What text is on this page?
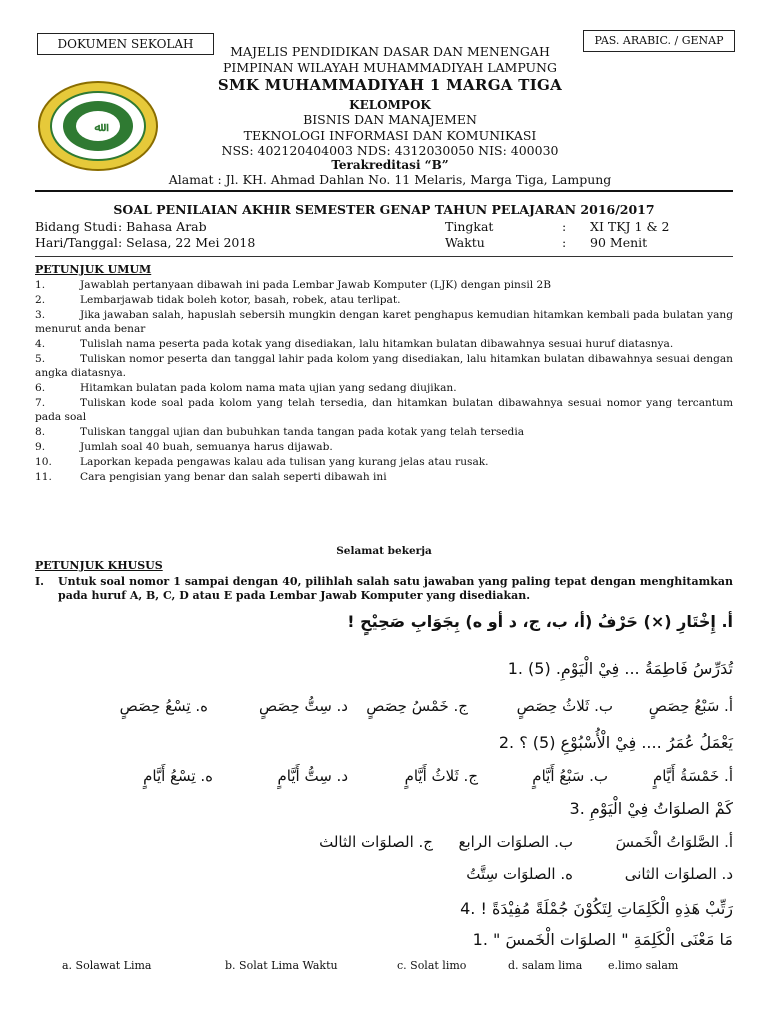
DOKUMEN SEKOLAH	PAS. ARABIC. / GENAP
ﷲ
MAJELIS PENDIDIKAN DASAR DAN MENENGAH
PIMPINAN WILAYAH MUHAMMADIYAH LAMPUNG
SMK MUHAMMADIYAH 1 MARGA TIGA
KELOMPOK
BISNIS DAN MANAJEMEN
TEKNOLOGI INFORMASI DAN KOMUNIKASI
NSS: 402120404003 NDS: 4312030050 NIS: 400030
Terakreditasi “B”
Alamat : Jl. KH. Ahmad Dahlan No. 11 Melaris, Marga Tiga, Lampung
SOAL PENILAIAN AKHIR SEMESTER GENAP TAHUN PELAJARAN 2016/2017
Bidang Studi : Bahasa Arab
Hari/Tanggal : Selasa, 22 Mei 2018
Tingkat	:      XI TKJ 1 & 2
Waktu	:      90 Menit
PETUNJUK UMUM
1.	Jawablah pertanyaan dibawah ini pada Lembar Jawab Komputer (LJK) dengan pinsil 2B
2.	Lembarjawab tidak boleh kotor, basah, robek, atau terlipat.
3.	Jika jawaban salah, hapuslah sebersih mungkin dengan karet penghapus kemudian hitamkan kembali pada bulatan yang menurut anda benar
4.	Tulislah nama peserta pada kotak yang disediakan, lalu hitamkan bulatan dibawahnya sesuai huruf diatasnya.
5.	Tuliskan nomor peserta dan tanggal lahir pada kolom yang disediakan, lalu hitamkan bulatan dibawahnya sesuai dengan angka diatasnya.
6.	Hitamkan bulatan pada kolom nama mata ujian yang sedang diujikan.
7.	Tuliskan kode soal pada kolom yang telah tersedia, dan hitamkan bulatan dibawahnya sesuai nomor yang tercantum pada soal
8.	Tuliskan tanggal ujian dan bubuhkan tanda tangan pada kotak yang telah tersedia
9.	Jumlah soal 40 buah, semuanya harus dijawab.
10.	Laporkan kepada pengawas kalau ada tulisan yang kurang jelas atau rusak.
11.	Cara pengisian yang benar dan salah seperti dibawah ini
Selamat bekerja
PETUNJUK KHUSUS
I. Untuk soal nomor 1 sampai dengan 40, pilihlah salah satu jawaban yang paling tepat dengan menghitamkan pada huruf A, B, C, D atau E pada Lembar Jawab Komputer yang disediakan.
أ. إِخْتَارِ (×) حَرْفُ (أ، ب، ج، د أو ه) بِجَوَابِ صَحِيْحٍ !
تُدَرِّسُ فَاطِمَةُ ... فِيْ الْيَوْمِ. (5) .1
أ. سَبْعُ حِصَصٍ
ب. ثَلاثُ حِصَصٍ
ج. خَمْسُ حِصَصٍ
د. سِتُّ حِصَصٍ
ه. تِسْعُ حِصَصٍ
يَعْمَلُ عُمَرُ .... فِيْ الْأُسْبُوْعِ (5) ؟ .2
أ. خَمْسَةُ أَيَّامٍ
ب. سَبْعُ أَيَّامٍ
ج. ثَلاثُ أَيَّامٍ
د. سِتُّ أَيَّامٍ
ه. تِسْعُ أَيَّامٍ
كَمْ الصلوَاتُ فِيْ الْيَوْمِ .3
أ. الصَّلوَاتُ الْخَمسَ
ب. الصلوَات الرابع
ج. الصلوَات الثالث
د. الصلوَات الثانى
ه. الصلوَات سِتَّتُ
رَتِّبْ هَذِهِ الْكَلِمَاتِ لِتَكُوْنَ جُمْلَةً مُفِيْدَةً ! .4
مَا مَعْنَى الْكَلِمَةِ " الصلوَات الْخَمسَ " .1
a. Solawat Lima	b. Solat Lima Waktu	c. Solat limo	d. salam lima e.limo salam
